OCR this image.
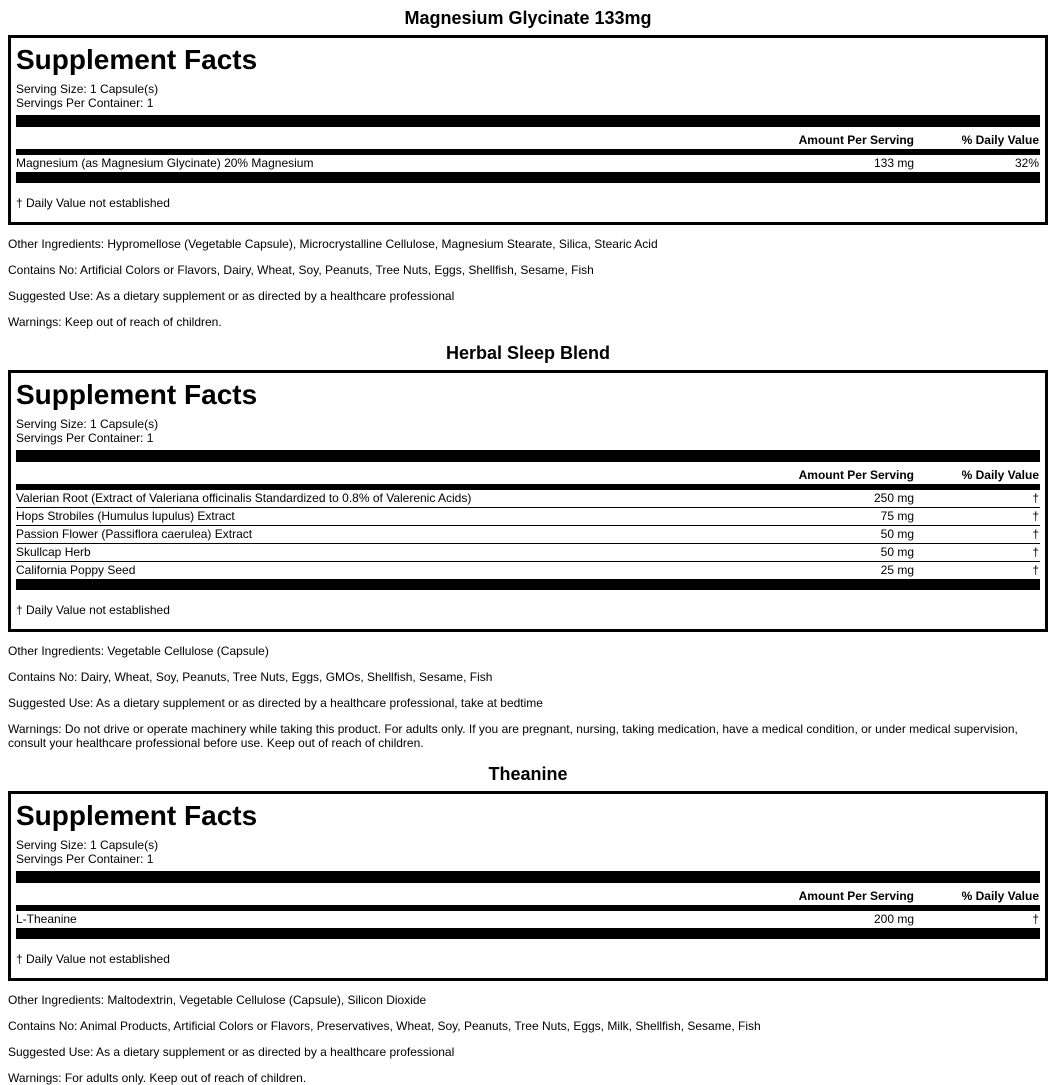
Magnesium Glycinate 133mg
Supplement Facts

Serving Size: 1 Capsule(s)

Servings Per Container: 1

Amount Per Serving	% Daily Value
Magnesium (as Magnesium Glycinate) 20% Magnesium	133 mg	32%

† Daily Value not established

Other Ingredients: Hypromellose (Vegetable Capsule), Microcrystalline Cellulose, Magnesium Stearate, Silica, Stearic Acid

Contains No: Artificial Colors or Flavors, Dairy, Wheat, Soy, Peanuts, Tree Nuts, Eggs, Shellfish, Sesame, Fish

Suggested Use: As a dietary supplement or as directed by a healthcare professional

Warnings: Keep out of reach of children.

Herbal Sleep Blend
Supplement Facts

Serving Size: 1 Capsule(s)

Servings Per Container: 1

Amount Per Serving	% Daily Value
Valerian Root (Extract of Valeriana officinalis Standardized to 0.8% of Valerenic Acids)	250 mg	†
Hops Strobiles (Humulus lupulus) Extract	75 mg	†
Passion Flower (Passiflora caerulea) Extract	50 mg	†
Skullcap Herb	50 mg	†
California Poppy Seed	25 mg	†

† Daily Value not established

Other Ingredients: Vegetable Cellulose (Capsule)

Contains No: Dairy, Wheat, Soy, Peanuts, Tree Nuts, Eggs, GMOs, Shellfish, Sesame, Fish

Suggested Use: As a dietary supplement or as directed by a healthcare professional, take at bedtime

Warnings: Do not drive or operate machinery while taking this product. For adults only. If you are pregnant, nursing, taking medication, have a medical condition, or under medical supervision, consult your healthcare professional before use. Keep out of reach of children.

Theanine
Supplement Facts

Serving Size: 1 Capsule(s)

Servings Per Container: 1

Amount Per Serving	% Daily Value
L-Theanine	200 mg	†

† Daily Value not established

Other Ingredients: Maltodextrin, Vegetable Cellulose (Capsule), Silicon Dioxide

Contains No: Animal Products, Artificial Colors or Flavors, Preservatives, Wheat, Soy, Peanuts, Tree Nuts, Eggs, Milk, Shellfish, Sesame, Fish

Suggested Use: As a dietary supplement or as directed by a healthcare professional

Warnings: For adults only. Keep out of reach of children.
